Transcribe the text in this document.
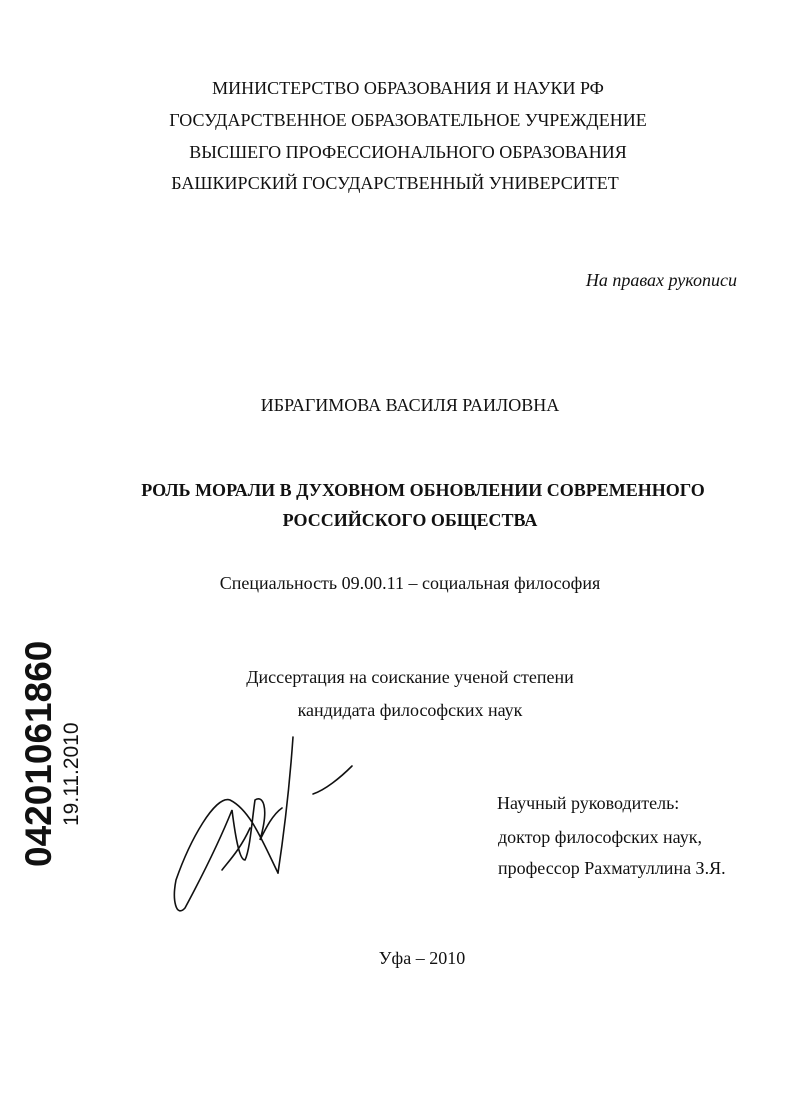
МИНИСТЕРСТВО ОБРАЗОВАНИЯ И НАУКИ РФ
ГОСУДАРСТВЕННОЕ ОБРАЗОВАТЕЛЬНОЕ УЧРЕЖДЕНИЕ
ВЫСШЕГО ПРОФЕССИОНАЛЬНОГО ОБРАЗОВАНИЯ
БАШКИРСКИЙ ГОСУДАРСТВЕННЫЙ УНИВЕРСИТЕТ
На правах рукописи
ИБРАГИМОВА ВАСИЛЯ РАИЛОВНА
РОЛЬ МОРАЛИ В ДУХОВНОМ ОБНОВЛЕНИИ СОВРЕМЕННОГО
РОССИЙСКОГО ОБЩЕСТВА
Специальность 09.00.11 – социальная философия
Диссертация на соискание ученой степени
кандидата философских наук
Научный руководитель:
доктор философских наук,
профессор Рахматуллина З.Я.
Уфа – 2010
04201061860 19.11.2010
